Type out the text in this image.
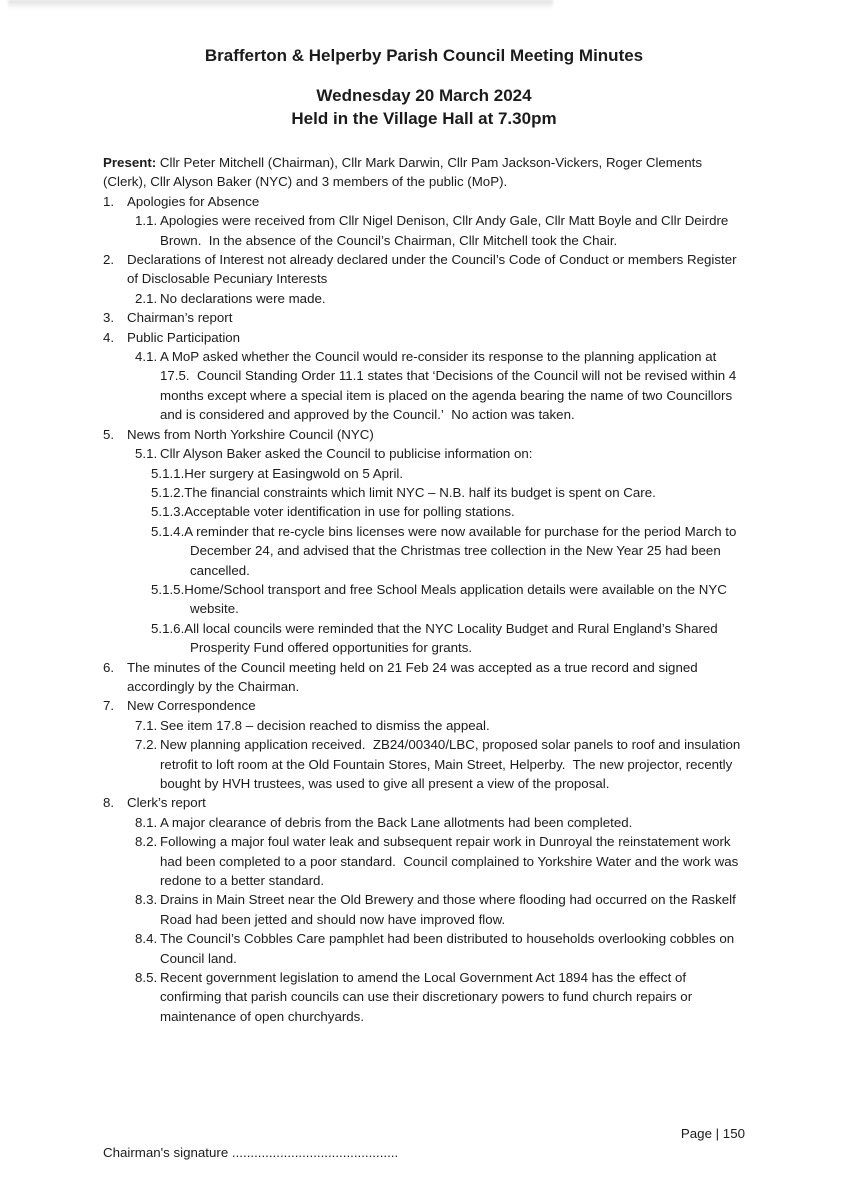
Brafferton & Helperby Parish Council Meeting Minutes
Wednesday 20 March 2024
Held in the Village Hall at 7.30pm

Present: Cllr Peter Mitchell (Chairman), Cllr Mark Darwin, Cllr Pam Jackson-Vickers, Roger Clements (Clerk), Cllr Alyson Baker (NYC) and 3 members of the public (MoP).

1. Apologies for Absence
1.1. Apologies were received from Cllr Nigel Denison, Cllr Andy Gale, Cllr Matt Boyle and Cllr Deirdre Brown.  In the absence of the Council’s Chairman, Cllr Mitchell took the Chair.
2. Declarations of Interest not already declared under the Council’s Code of Conduct or members Register of Disclosable Pecuniary Interests
2.1. No declarations were made.
3. Chairman’s report
4. Public Participation
4.1. A MoP asked whether the Council would re-consider its response to the planning application at 17.5.  Council Standing Order 11.1 states that ‘Decisions of the Council will not be revised within 4 months except where a special item is placed on the agenda bearing the name of two Councillors and is considered and approved by the Council.’  No action was taken.
5. News from North Yorkshire Council (NYC)
5.1. Cllr Alyson Baker asked the Council to publicise information on:
5.1.1.Her surgery at Easingwold on 5 April.
5.1.2.The financial constraints which limit NYC – N.B. half its budget is spent on Care.
5.1.3.Acceptable voter identification in use for polling stations.
5.1.4.A reminder that re-cycle bins licenses were now available for purchase for the period March to December 24, and advised that the Christmas tree collection in the New Year 25 had been cancelled.
5.1.5.Home/School transport and free School Meals application details were available on the NYC website.
5.1.6.All local councils were reminded that the NYC Locality Budget and Rural England’s Shared Prosperity Fund offered opportunities for grants.
6. The minutes of the Council meeting held on 21 Feb 24 was accepted as a true record and signed accordingly by the Chairman.
7. New Correspondence
7.1. See item 17.8 – decision reached to dismiss the appeal.
7.2. New planning application received.  ZB24/00340/LBC, proposed solar panels to roof and insulation retrofit to loft room at the Old Fountain Stores, Main Street, Helperby.  The new projector, recently bought by HVH trustees, was used to give all present a view of the proposal.
8. Clerk’s report
8.1. A major clearance of debris from the Back Lane allotments had been completed.
8.2. Following a major foul water leak and subsequent repair work in Dunroyal the reinstatement work had been completed to a poor standard.  Council complained to Yorkshire Water and the work was redone to a better standard.
8.3. Drains in Main Street near the Old Brewery and those where flooding had occurred on the Raskelf Road had been jetted and should now have improved flow.
8.4. The Council’s Cobbles Care pamphlet had been distributed to households overlooking cobbles on Council land.
8.5. Recent government legislation to amend the Local Government Act 1894 has the effect of confirming that parish councils can use their discretionary powers to fund church repairs or maintenance of open churchyards.
Page | 150
Chairman's signature .............................................
